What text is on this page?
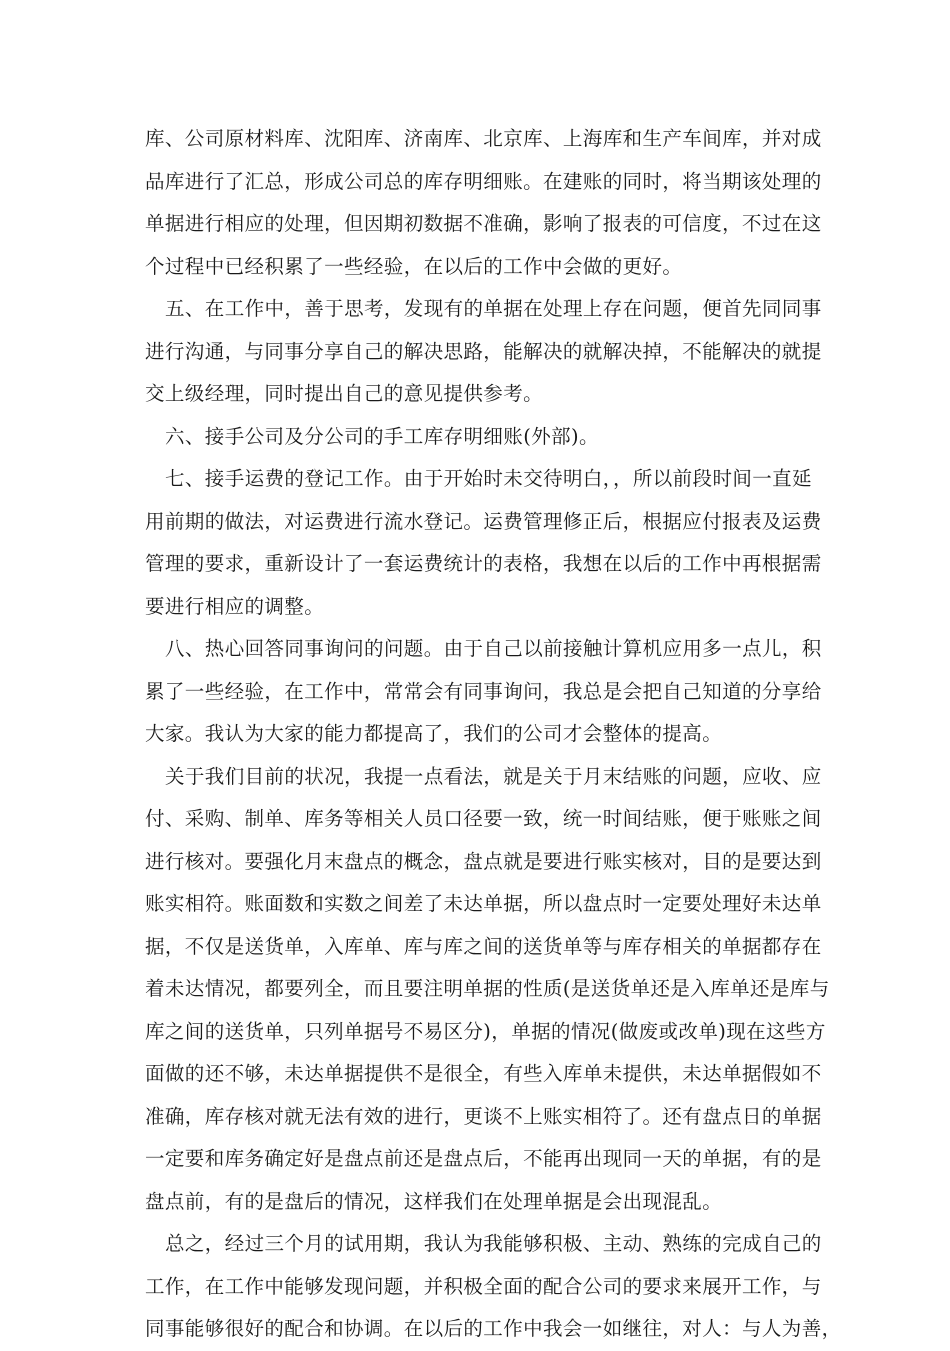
库、公司原材料库、沈阳库、济南库、北京库、上海库和生产车间库，并对成
品库进行了汇总，形成公司总的库存明细账。在建账的同时，将当期该处理的
单据进行相应的处理，但因期初数据不准确，影响了报表的可信度，不过在这
个过程中已经积累了一些经验，在以后的工作中会做的更好。
五、在工作中，善于思考，发现有的单据在处理上存在问题，便首先同同事
进行沟通，与同事分享自己的解决思路，能解决的就解决掉，不能解决的就提
交上级经理，同时提出自己的意见提供参考。
六、接手公司及分公司的手工库存明细账(外部)。
七、接手运费的登记工作。由于开始时未交待明白，，所以前段时间一直延
用前期的做法，对运费进行流水登记。运费管理修正后，根据应付报表及运费
管理的要求，重新设计了一套运费统计的表格，我想在以后的工作中再根据需
要进行相应的调整。
八、热心回答同事询问的问题。由于自己以前接触计算机应用多一点儿，积
累了一些经验，在工作中，常常会有同事询问，我总是会把自己知道的分享给
大家。我认为大家的能力都提高了，我们的公司才会整体的提高。
关于我们目前的状况，我提一点看法，就是关于月末结账的问题，应收、应
付、采购、制单、库务等相关人员口径要一致，统一时间结账，便于账账之间
进行核对。要强化月末盘点的概念，盘点就是要进行账实核对，目的是要达到
账实相符。账面数和实数之间差了未达单据，所以盘点时一定要处理好未达单
据，不仅是送货单，入库单、库与库之间的送货单等与库存相关的单据都存在
着未达情况，都要列全，而且要注明单据的性质(是送货单还是入库单还是库与
库之间的送货单，只列单据号不易区分)，单据的情况(做废或改单)现在这些方
面做的还不够，未达单据提供不是很全，有些入库单未提供，未达单据假如不
准确，库存核对就无法有效的进行，更谈不上账实相符了。还有盘点日的单据
一定要和库务确定好是盘点前还是盘点后，不能再出现同一天的单据，有的是
盘点前，有的是盘后的情况，这样我们在处理单据是会出现混乱。
总之，经过三个月的试用期，我认为我能够积极、主动、熟练的完成自己的
工作，在工作中能够发现问题，并积极全面的配合公司的要求来展开工作，与
同事能够很好的配合和协调。在以后的工作中我会一如继往，对人：与人为善，
